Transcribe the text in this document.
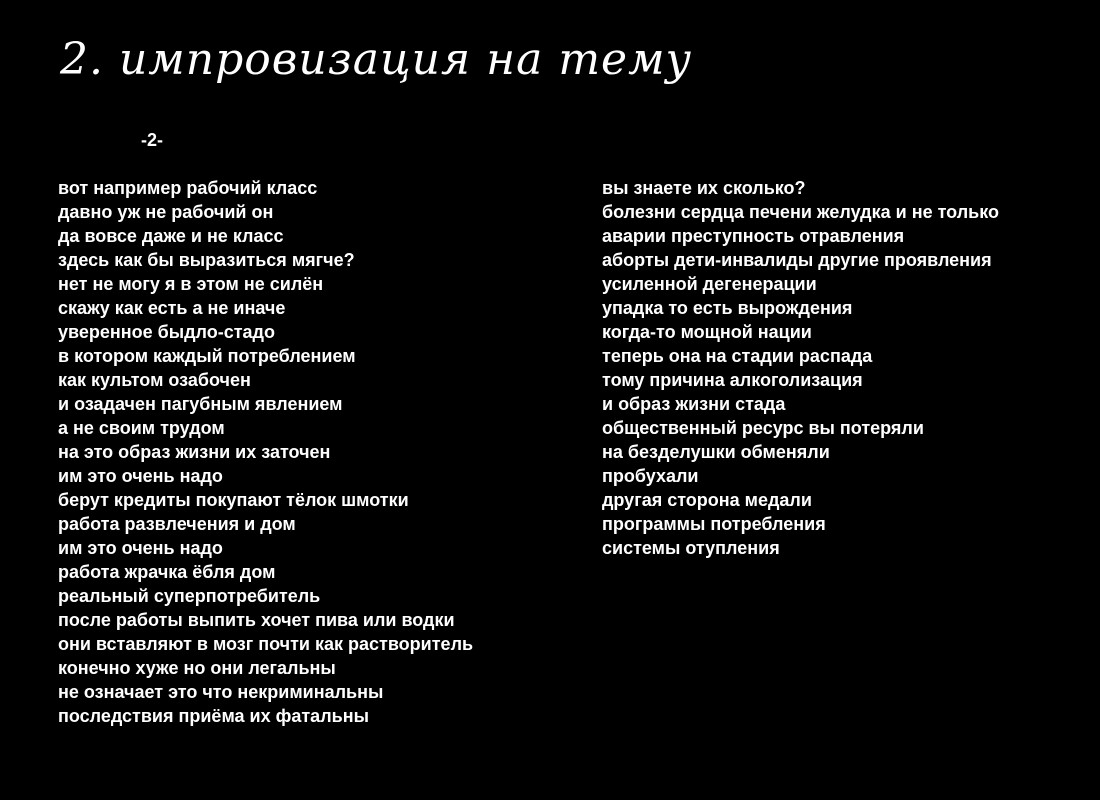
2. импровизация на тему
-2-
вот например рабочий класс
давно уж не рабочий он
да вовсе даже и не класс
здесь как бы выразиться мягче?
нет не могу я в этом не силён
скажу как есть а не иначе
уверенное быдло-стадо
в котором каждый потреблением
как культом озабочен
и озадачен пагубным явлением
а не своим трудом
на это образ жизни их заточен
им это очень надо
берут кредиты покупают тёлок шмотки
работа развлечения и дом
им это очень надо
работа жрачка ёбля дом
реальный суперпотребитель
после работы выпить хочет пива или водки
они вставляют в мозг почти как растворитель
конечно хуже но они легальны
не означает это что некриминальны
последствия приёма их фатальны
вы знаете их сколько?
болезни сердца печени желудка и не только
аварии преступность отравления
аборты дети-инвалиды другие проявления
усиленной дегенерации
упадка то есть вырождения
когда-то мощной нации
теперь она на стадии распада
тому причина алкоголизация
и образ жизни стада
общественный ресурс вы потеряли
на безделушки обменяли
пробухали
другая сторона медали
программы потребления
системы отупления
